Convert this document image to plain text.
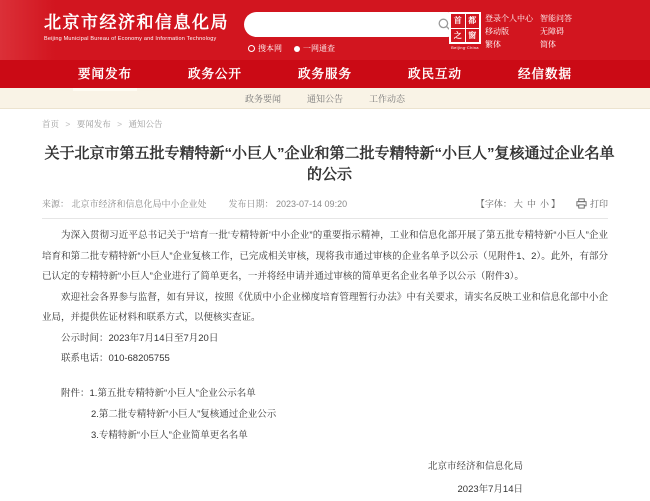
北京市经济和信息化局
Beijing Municipal Bureau of Economy and Information Technology
搜本网	一网通查
首 都
之 窗
Beijing·China
登录个人中心
移动版
繁体
智能问答
无障碍
简体
要闻发布	政务公开	政务服务	政民互动	经信数据
政务要闻	通知公告	工作动态
首页 > 要闻发布 > 通知公告
关于北京市第五批专精特新“小巨人”企业和第二批专精特新“小巨人”复核通过企业名单的公示
来源： 北京市经济和信息化局中小企业处 发布日期： 2023-07-14 09:20	【字体： 大 中 小 】	打印

为深入贯彻习近平总书记关于“培育一批‘专精特新’中小企业”的重要指示精神，工业和信息化部开展了第五批专精特新“小巨人”企业培育和第二批专精特新“小巨人”企业复核工作，已完成相关审核，现将我市通过审核的企业名单予以公示（见附件1、2）。此外，有部分已认定的专精特新“小巨人”企业进行了简单更名，一并将经申请并通过审核的简单更名企业名单予以公示（附件3）。

欢迎社会各界参与监督，如有异议，按照《优质中小企业梯度培育管理暂行办法》中有关要求，请实名反映工业和信息化部中小企业局，并提供佐证材料和联系方式，以便核实查证。

公示时间：2023年7月14日至7月20日

联系电话：010-68205755

附件：1.第五批专精特新“小巨人”企业公示名单
2.第二批专精特新“小巨人”复核通过企业公示
3.专精特新“小巨人”企业简单更名名单
北京市经济和信息化局
2023年7月14日
